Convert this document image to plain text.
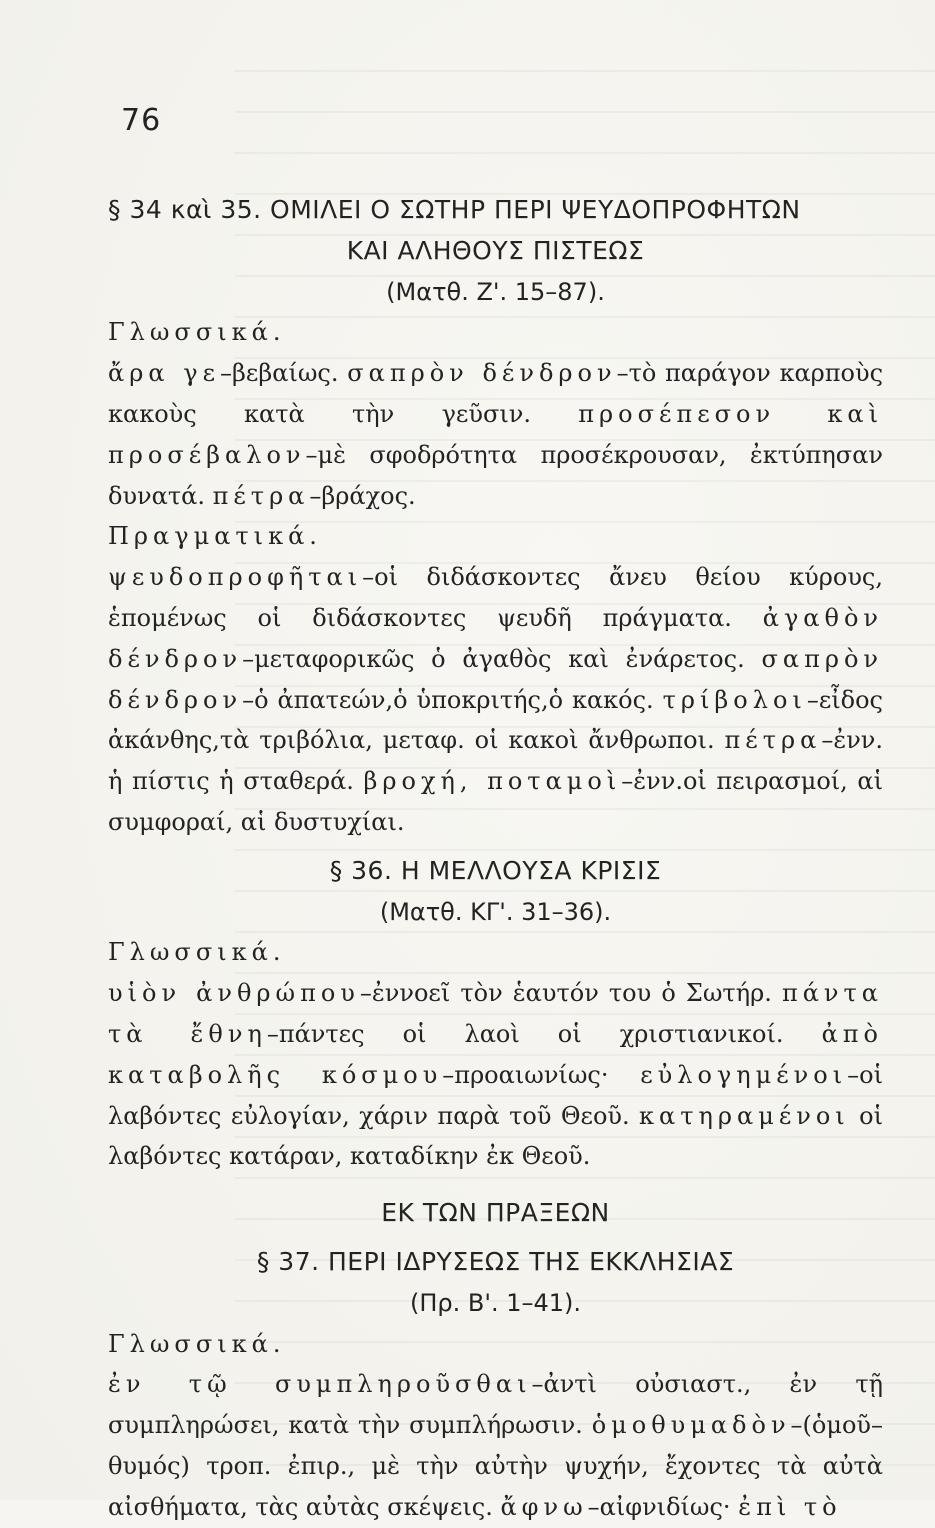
76
§ 34 καὶ 35. ΟΜΙΛΕΙ Ο ΣΩΤΗΡ ΠΕΡΙ ΨΕΥΔΟΠΡΟΦΗΤΩΝ
ΚΑΙ ΑΛΗΘΟΥΣ ΠΙΣΤΕΩΣ
(Ματθ. Ζ'. 15–87).
Γλωσσικά.
ἄρα γε–βεβαίως. σαπρὸν δένδρον–τὸ παράγον καρποὺς κακοὺς κατὰ τὴν γεῦσιν. προσέπεσον καὶ προσέβαλον–μὲ σφοδρότητα προσέκρουσαν, ἐκτύπησαν δυνατά. πέτρα–βράχος.
Πραγματικά.
ψευδοπροφῆται–οἱ διδάσκοντες ἄνευ θείου κύρους, ἑπομένως οἱ διδάσκοντες ψευδῆ πράγματα. ἀγαθὸν δένδρον–μεταφορικῶς ὁ ἀγαθὸς καὶ ἐνάρετος. σαπρὸν δένδρον–ὁ ἀπατεών,ὁ ὑποκριτής,ὁ κακός. τρίβολοι–εἶδος ἀκάνθης,τὰ τριβόλια, μεταφ. οἱ κακοὶ ἄνθρωποι. πέτρα–ἐνν. ἡ πίστις ἡ σταθερά. βροχή, ποταμοὶ–ἐνν.οἱ πειρασμοί, αἱ συμφοραί, αἱ δυστυχίαι.
§ 36. Η ΜΕΛΛΟΥΣΑ ΚΡΙΣΙΣ
(Ματθ. ΚΓ'. 31–36).
Γλωσσικά.
υἱὸν ἀνθρώπου–ἐννοεῖ τὸν ἑαυτόν του ὁ Σωτήρ. πάντα τὰ ἔθνη–πάντες οἱ λαοὶ οἱ χριστιανικοί. ἀπὸ καταβολῆς κόσμου–προαιωνίως· εὐλογημένοι–οἱ λαβόντες εὐλογίαν, χάριν παρὰ τοῦ Θεοῦ. κατηραμένοι οἱ λαβόντες κατάραν, καταδίκην ἐκ Θεοῦ.
ΕΚ ΤΩΝ ΠΡΑΞΕΩΝ
§ 37. ΠΕΡΙ ΙΔΡΥΣΕΩΣ ΤΗΣ ΕΚΚΛΗΣΙΑΣ
(Πρ. Β'. 1–41).
Γλωσσικά.
ἐν τῷ συμπληροῦσθαι–ἀντὶ οὐσιαστ., ἐν τῇ συμπληρώσει, κατὰ τὴν συμπλήρωσιν. ὁμοθυμαδὸν–(ὁμοῦ–θυμός) τροπ. ἐπιρ., μὲ τὴν αὐτὴν ψυχήν, ἔχοντες τὰ αὐτὰ αἰσθήματα, τὰς αὐτὰς σκέψεις. ἄφνω–αἰφνιδίως· ἐπὶ τὸ
